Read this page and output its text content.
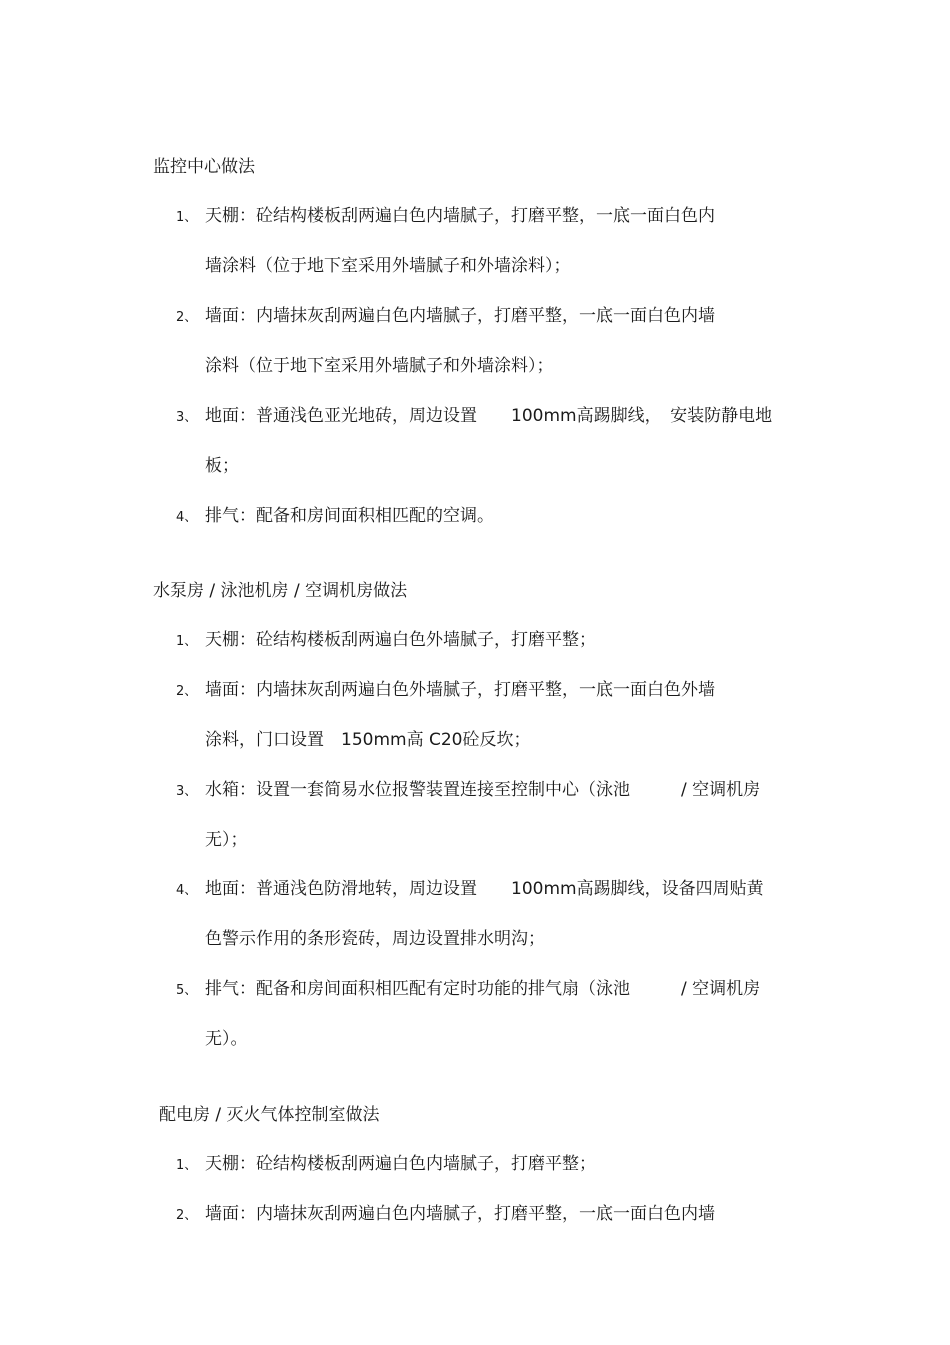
监控中心做法
1、 天棚：砼结构楼板刮两遍白色内墙腻子，打磨平整，一底一面白色内
墙涂料（位于地下室采用外墙腻子和外墙涂料）；
2、 墙面：内墙抹灰刮两遍白色内墙腻子，打磨平整，一底一面白色内墙
涂料（位于地下室采用外墙腻子和外墙涂料）；
3、 地面：普通浅色亚光地砖，周边设置　　100mm高踢脚线，　安装防静电地
板；
4、 排气：配备和房间面积相匹配的空调。
水泵房 / 泳池机房 / 空调机房做法
1、 天棚：砼结构楼板刮两遍白色外墙腻子，打磨平整；
2、 墙面：内墙抹灰刮两遍白色外墙腻子，打磨平整，一底一面白色外墙
涂料，门口设置　150mm高 C20砼反坎；
3、 水箱：设置一套简易水位报警装置连接至控制中心（泳池　　　/ 空调机房
无）；
4、 地面：普通浅色防滑地转，周边设置　　100mm高踢脚线，设备四周贴黄
色警示作用的条形瓷砖，周边设置排水明沟；
5、 排气：配备和房间面积相匹配有定时功能的排气扇（泳池　　　/ 空调机房
无）。
配电房 / 灭火气体控制室做法
1、 天棚：砼结构楼板刮两遍白色内墙腻子，打磨平整；
2、 墙面：内墙抹灰刮两遍白色内墙腻子，打磨平整，一底一面白色内墙
